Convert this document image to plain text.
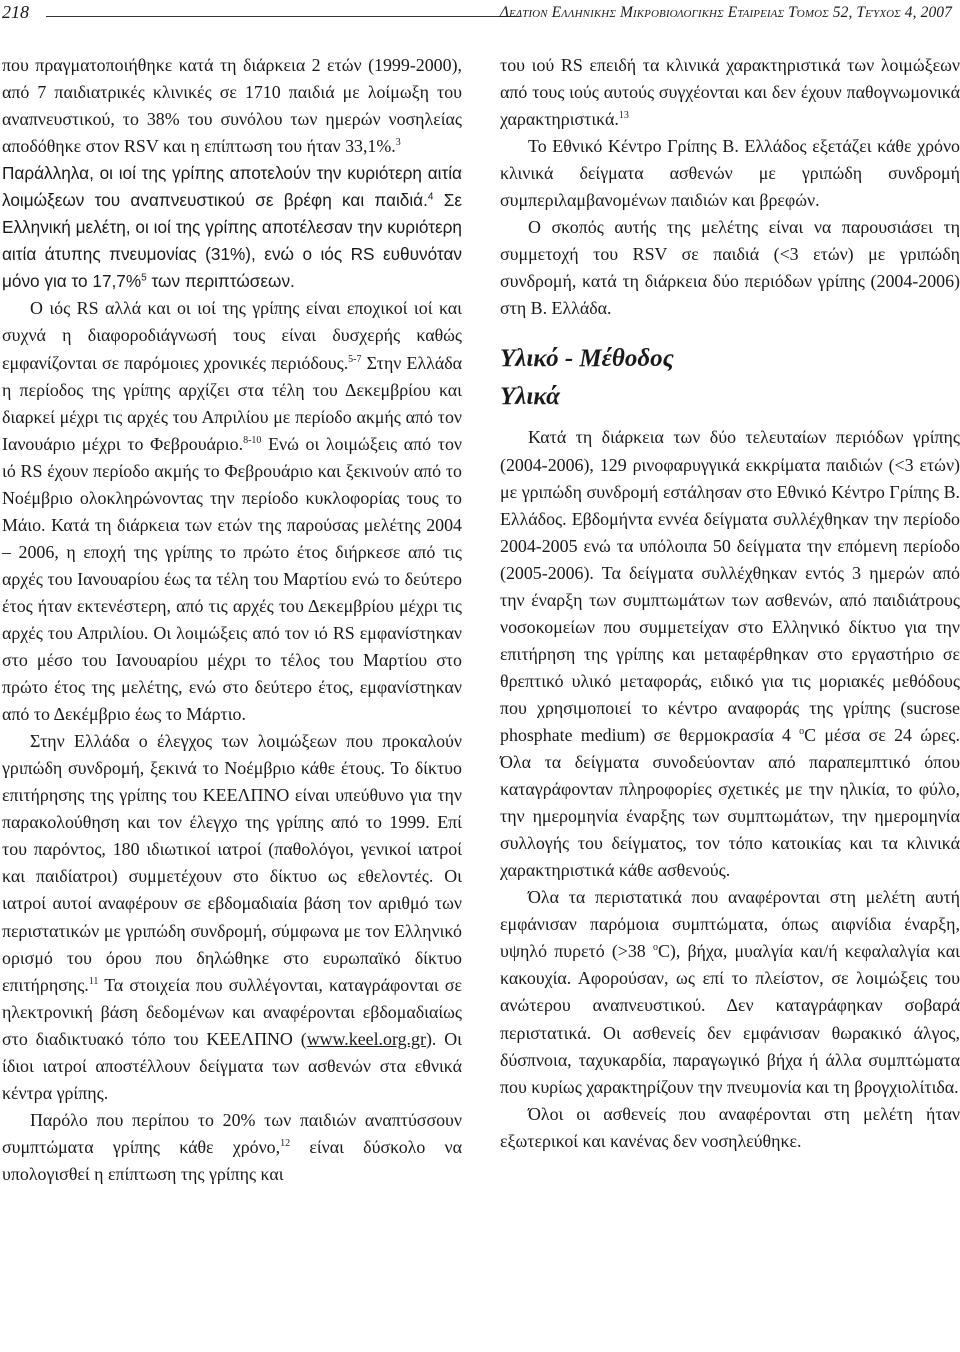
218	Δελτιον Ελληνικης Μικροβιολογικης Εταιρειας Τόμος 52, Τεύχος 4, 2007

που πραγματοποιήθηκε κατά τη διάρκεια 2 ετών (1999-2000), από 7 παιδιατρικές κλινικές σε 1710 παιδιά με λοίμωξη του αναπνευστικού, το 38% του συνόλου των ημερών νοσηλείας αποδόθηκε στον RSV και η επίπτωση του ήταν 33,1%.$^3$

Παράλληλα, οι ιοί της γρίπης αποτελούν την κυριότερη αιτία λοιμώξεων του αναπνευστικού σε βρέφη και παιδιά.$^4$ Σε Ελληνική μελέτη, οι ιοί της γρίπης αποτέλεσαν την κυριότερη αιτία άτυπης πνευμονίας (31%), ενώ ο ιός RS ευθυνόταν μόνο για το 17,7%$^5$ των περιπτώσεων.

Ο ιός RS αλλά και οι ιοί της γρίπης είναι εποχικοί ιοί και συχνά η διαφοροδιάγνωσή τους είναι δυσχερής καθώς εμφανίζονται σε παρόμοιες χρονικές περιόδους.$^{5-7}$ Στην Ελλάδα η περίοδος της γρίπης αρχίζει στα τέλη του Δεκεμβρίου και διαρκεί μέχρι τις αρχές του Απριλίου με περίοδο ακμής από τον Ιανουάριο μέχρι το Φεβρουάριο.$^{8-10}$ Ενώ οι λοιμώξεις από τον ιό RS έχουν περίοδο ακμής το Φεβρουάριο και ξεκινούν από το Νοέμβριο ολοκληρώνοντας την περίοδο κυκλοφορίας τους το Μάιο. Κατά τη διάρκεια των ετών της παρούσας μελέτης 2004 – 2006, η εποχή της γρίπης το πρώτο έτος διήρκεσε από τις αρχές του Ιανουαρίου έως τα τέλη του Μαρτίου ενώ το δεύτερο έτος ήταν εκτενέστερη, από τις αρχές του Δεκεμβρίου μέχρι τις αρχές του Απριλίου. Οι λοιμώξεις από τον ιό RS εμφανίστηκαν στο μέσο του Ιανουαρίου μέχρι το τέλος του Μαρτίου στο πρώτο έτος της μελέτης, ενώ στο δεύτερο έτος, εμφανίστηκαν από το Δεκέμβριο έως το Μάρτιο.

Στην Ελλάδα ο έλεγχος των λοιμώξεων που προκαλούν γριπώδη συνδρομή, ξεκινά το Νοέμβριο κάθε έτους. Το δίκτυο επιτήρησης της γρίπης του ΚΕΕΛΠΝΟ είναι υπεύθυνο για την παρακολούθηση και τον έλεγχο της γρίπης από το 1999. Επί του παρόντος, 180 ιδιωτικοί ιατροί (παθολόγοι, γενικοί ιατροί και παιδίατροι) συμμετέχουν στο δίκτυο ως εθελοντές. Οι ιατροί αυτοί αναφέρουν σε εβδομαδιαία βάση τον αριθμό των περιστατικών με γριπώδη συνδρομή, σύμφωνα με τον Ελληνικό ορισμό του όρου που δηλώθηκε στο ευρωπαϊκό δίκτυο επιτήρησης.$^{11}$ Τα στοιχεία που συλλέγονται, καταγράφονται σε ηλεκτρονική βάση δεδομένων και αναφέρονται εβδομαδιαίως στο διαδικτυακό τόπο του ΚΕΕΛΠΝΟ (www.keel.org.gr). Οι ίδιοι ιατροί αποστέλλουν δείγματα των ασθενών στα εθνικά κέντρα γρίπης.

Παρόλο που περίπου το 20% των παιδιών αναπτύσσουν συμπτώματα γρίπης κάθε χρόνο,$^{12}$ είναι δύσκολο να υπολογισθεί η επίπτωση της γρίπης και

του ιού RS επειδή τα κλινικά χαρακτηριστικά των λοιμώξεων από τους ιούς αυτούς συγχέονται και δεν έχουν παθογνωμονικά χαρακτηριστικά.$^{13}$

Το Εθνικό Κέντρο Γρίπης Β. Ελλάδος εξετάζει κάθε χρόνο κλινικά δείγματα ασθενών με γριπώδη συνδρομή συμπεριλαμβανομένων παιδιών και βρεφών.

Ο σκοπός αυτής της μελέτης είναι να παρουσιάσει τη συμμετοχή του RSV σε παιδιά (<3 ετών) με γριπώδη συνδρομή, κατά τη διάρκεια δύο περιόδων γρίπης (2004-2006) στη Β. Ελλάδα.

Υλικό - Μέθοδος
Υλικά

Κατά τη διάρκεια των δύο τελευταίων περιόδων γρίπης (2004-2006), 129 ρινοφαρυγγικά εκκρίματα παιδιών (<3 ετών) με γριπώδη συνδρομή εστάλησαν στο Εθνικό Κέντρο Γρίπης Β. Ελλάδος. Εβδομήντα εννέα δείγματα συλλέχθηκαν την περίοδο 2004-2005 ενώ τα υπόλοιπα 50 δείγματα την επόμενη περίοδο (2005-2006). Τα δείγματα συλλέχθηκαν εντός 3 ημερών από την έναρξη των συμπτωμάτων των ασθενών, από παιδιάτρους νοσοκομείων που συμμετείχαν στο Ελληνικό δίκτυο για την επιτήρηση της γρίπης και μεταφέρθηκαν στο εργαστήριο σε θρεπτικό υλικό μεταφοράς, ειδικό για τις μοριακές μεθόδους που χρησιμοποιεί το κέντρο αναφοράς της γρίπης (sucrose phosphate medium) σε θερμοκρασία 4 $^o$C μέσα σε 24 ώρες. Όλα τα δείγματα συνοδεύονταν από παραπεμπτικό όπου καταγράφονταν πληροφορίες σχετικές με την ηλικία, το φύλο, την ημερομηνία έναρξης των συμπτωμάτων, την ημερομηνία συλλογής του δείγματος, τον τόπο κατοικίας και τα κλινικά χαρακτηριστικά κάθε ασθενούς.

Όλα τα περιστατικά που αναφέρονται στη μελέτη αυτή εμφάνισαν παρόμοια συμπτώματα, όπως αιφνίδια έναρξη, υψηλό πυρετό (>38 $^o$C), βήχα, μυαλγία και/ή κεφαλαλγία και κακουχία. Αφορούσαν, ως επί το πλείστον, σε λοιμώξεις του ανώτερου αναπνευστικού. Δεν καταγράφηκαν σοβαρά περιστατικά. Οι ασθενείς δεν εμφάνισαν θωρακικό άλγος, δύσπνοια, ταχυκαρδία, παραγωγικό βήχα ή άλλα συμπτώματα που κυρίως χαρακτηρίζουν την πνευμονία και τη βρογχιολίτιδα.

Όλοι οι ασθενείς που αναφέρονται στη μελέτη ήταν εξωτερικοί και κανένας δεν νοσηλεύθηκε.
